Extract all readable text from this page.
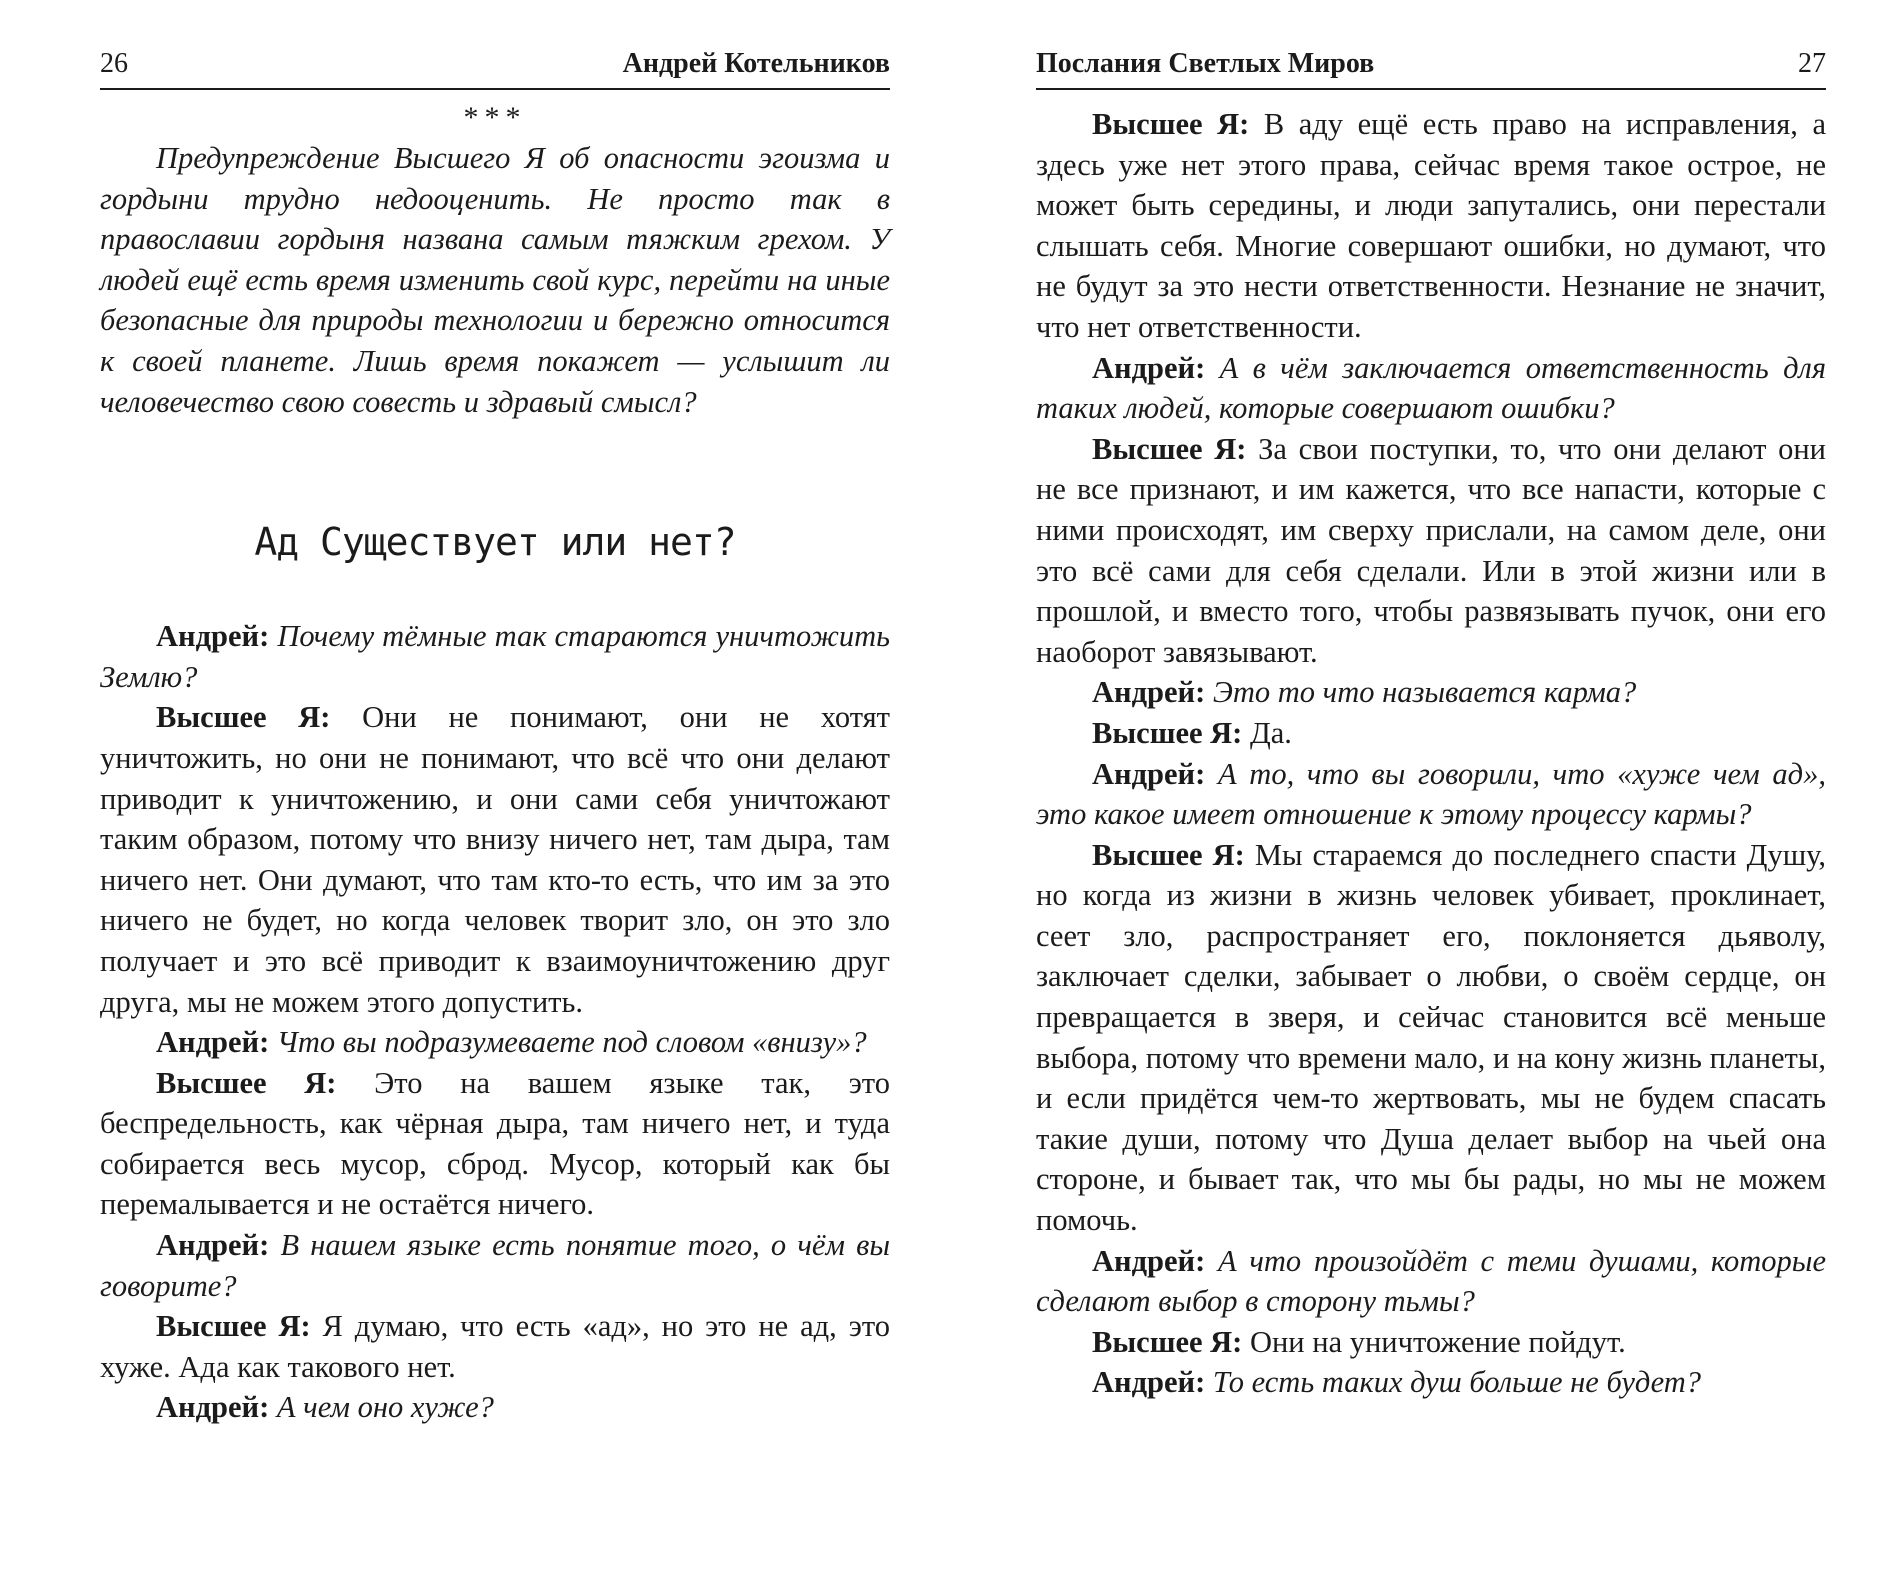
26	Андрей Котельников

***

Предупреждение Высшего Я об опасности эгоизма и гордыни трудно недооценить. Не просто так в православии гордыня названа самым тяжким грехом. У людей ещё есть время изменить свой курс, перейти на иные безопасные для природы технологии и бережно относится к своей планете. Лишь время покажет — услышит ли человечество свою совесть и здравый смысл?

Ад Существует или нет?

Андрей: Почему тёмные так стараются уничтожить Землю?

Высшее Я: Они не понимают, они не хотят уничтожить, но они не понимают, что всё что они делают приводит к уничтожению, и они сами себя уничтожают таким образом, потому что внизу ничего нет, там дыра, там ничего нет. Они думают, что там кто-то есть, что им за это ничего не будет, но когда человек творит зло, он это зло получает и это всё приводит к взаимоуничтожению друг друга, мы не можем этого допустить.

Андрей: Что вы подразумеваете под словом «внизу»?

Высшее Я: Это на вашем языке так, это беспредельность, как чёрная дыра, там ничего нет, и туда собирается весь мусор, сброд. Мусор, который как бы перемалывается и не остаётся ничего.

Андрей: В нашем языке есть понятие того, о чём вы говорите?

Высшее Я: Я думаю, что есть «ад», но это не ад, это хуже. Ада как такового нет.

Андрей: А чем оно хуже?

Послания Светлых Миров	27

Высшее Я: В аду ещё есть право на исправления, а здесь уже нет этого права, сейчас время такое острое, не может быть середины, и люди запутались, они перестали слышать себя. Многие совершают ошибки, но думают, что не будут за это нести ответственности. Незнание не значит, что нет ответственности.

Андрей: А в чём заключается ответственность для таких людей, которые совершают ошибки?

Высшее Я: За свои поступки, то, что они делают они не все признают, и им кажется, что все напасти, которые с ними происходят, им сверху прислали, на самом деле, они это всё сами для себя сделали. Или в этой жизни или в прошлой, и вместо того, чтобы развязывать пучок, они его наоборот завязывают.

Андрей: Это то что называется карма?

Высшее Я: Да.

Андрей: А то, что вы говорили, что «хуже чем ад», это какое имеет отношение к этому процессу кармы?

Высшее Я: Мы стараемся до последнего спасти Душу, но когда из жизни в жизнь человек убивает, проклинает, сеет зло, распространяет его, поклоняется дьяволу, заключает сделки, забывает о любви, о своём сердце, он превращается в зверя, и сейчас становится всё меньше выбора, потому что времени мало, и на кону жизнь планеты, и если придётся чем-то жертвовать, мы не будем спасать такие души, потому что Душа делает выбор на чьей она стороне, и бывает так, что мы бы рады, но мы не можем помочь.

Андрей: А что произойдёт с теми душами, которые сделают выбор в сторону тьмы?

Высшее Я: Они на уничтожение пойдут.

Андрей: То есть таких душ больше не будет?
